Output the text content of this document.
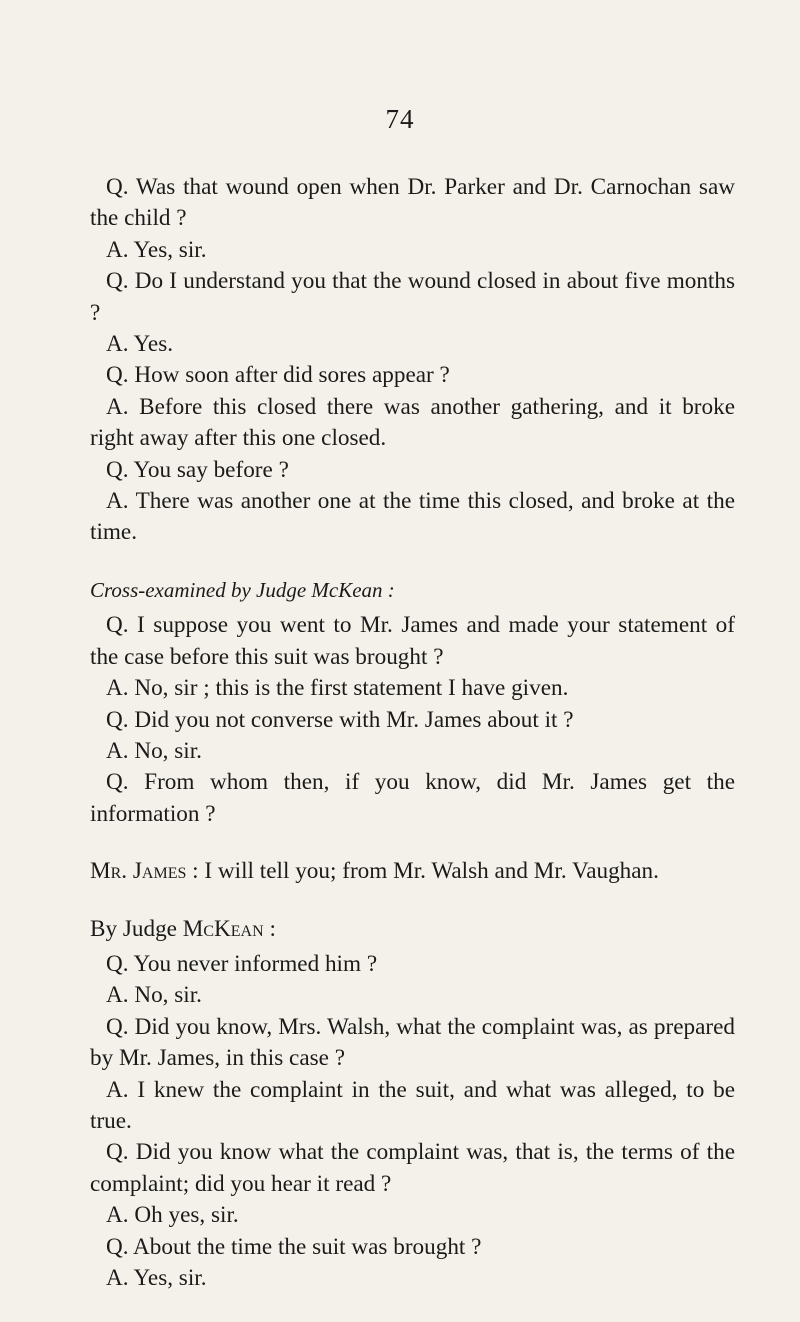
74

Q. Was that wound open when Dr. Parker and Dr. Carnochan saw the child ?

A. Yes, sir.

Q. Do I understand you that the wound closed in about five months ?

A. Yes.

Q. How soon after did sores appear ?

A. Before this closed there was another gathering, and it broke right away after this one closed.

Q. You say before ?

A. There was another one at the time this closed, and broke at the time.

Cross-examined by Judge McKean :

Q. I suppose you went to Mr. James and made your statement of the case before this suit was brought ?

A. No, sir ; this is the first statement I have given.

Q. Did you not converse with Mr. James about it ?

A. No, sir.

Q. From whom then, if you know, did Mr. James get the information ?

Mr. James : I will tell you; from Mr. Walsh and Mr. Vaughan.

By Judge McKean :

Q. You never informed him ?

A. No, sir.

Q. Did you know, Mrs. Walsh, what the complaint was, as prepared by Mr. James, in this case ?

A. I knew the complaint in the suit, and what was alleged, to be true.

Q. Did you know what the complaint was, that is, the terms of the complaint; did you hear it read ?

A. Oh yes, sir.

Q. About the time the suit was brought ?

A. Yes, sir.
